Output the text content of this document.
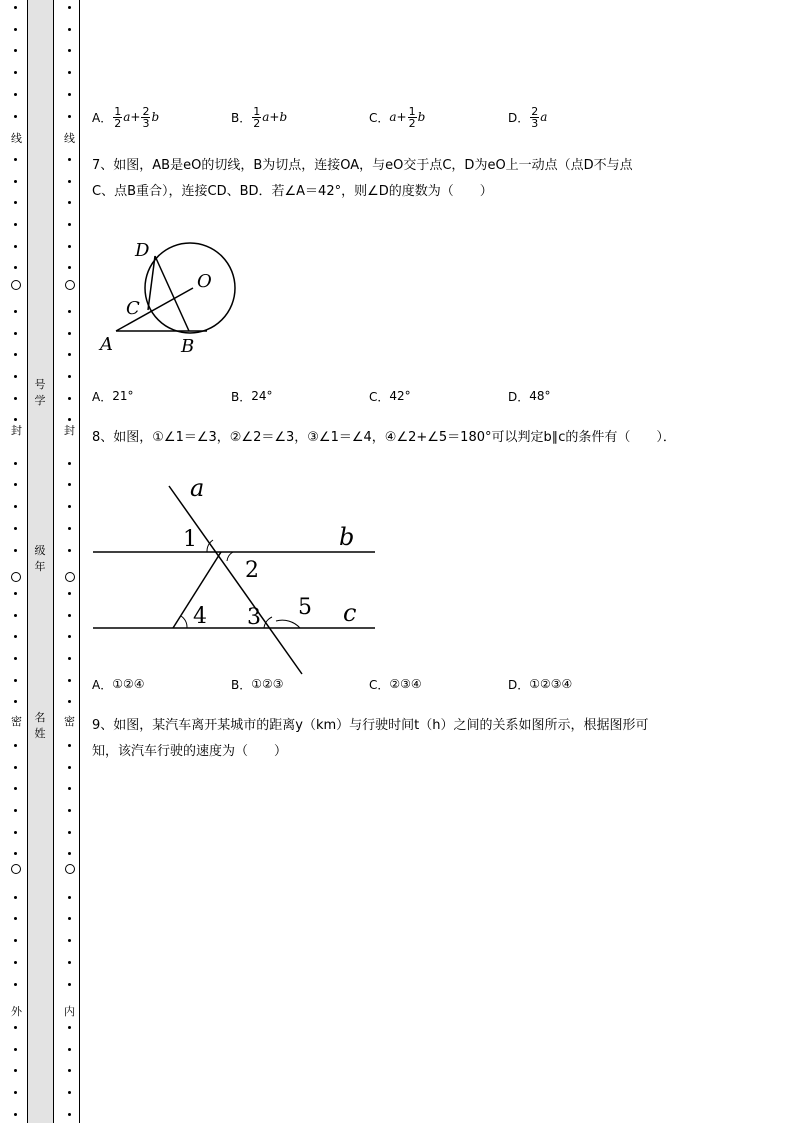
线
封
密
外
线
封
密
内
号
学
级
年
名
姓
A． $\frac{1}{2}$ $a + \frac{2}{3}$ b	B． $\frac{1}{2}$ a + b	C． $a + \frac{1}{2}$ b	D． $\frac{2}{3}$ a
7、如图，AB是eO的切线，B为切点，连接OA，与eO交于点C，D为eO上一动点（点D不与点
C、点B重合），连接CD、BD．若∠A＝42°，则∠D的度数为（　　）
D
O
C
A	B
A． 21°	B． 24°	C． 42°	D． 48°
8、如图，①∠1＝∠3，②∠2＝∠3，③∠1＝∠4，④∠2+∠5＝180°可以判定b∥c的条件有（　　）．
a
b
c
1
2
3
4	5
A． ①②④	B． ①②③	C． ②③④	D． ①②③④
9、如图，某汽车离开某城市的距离y（km）与行驶时间t（h）之间的关系如图所示，根据图形可
知，该汽车行驶的速度为（　　）
